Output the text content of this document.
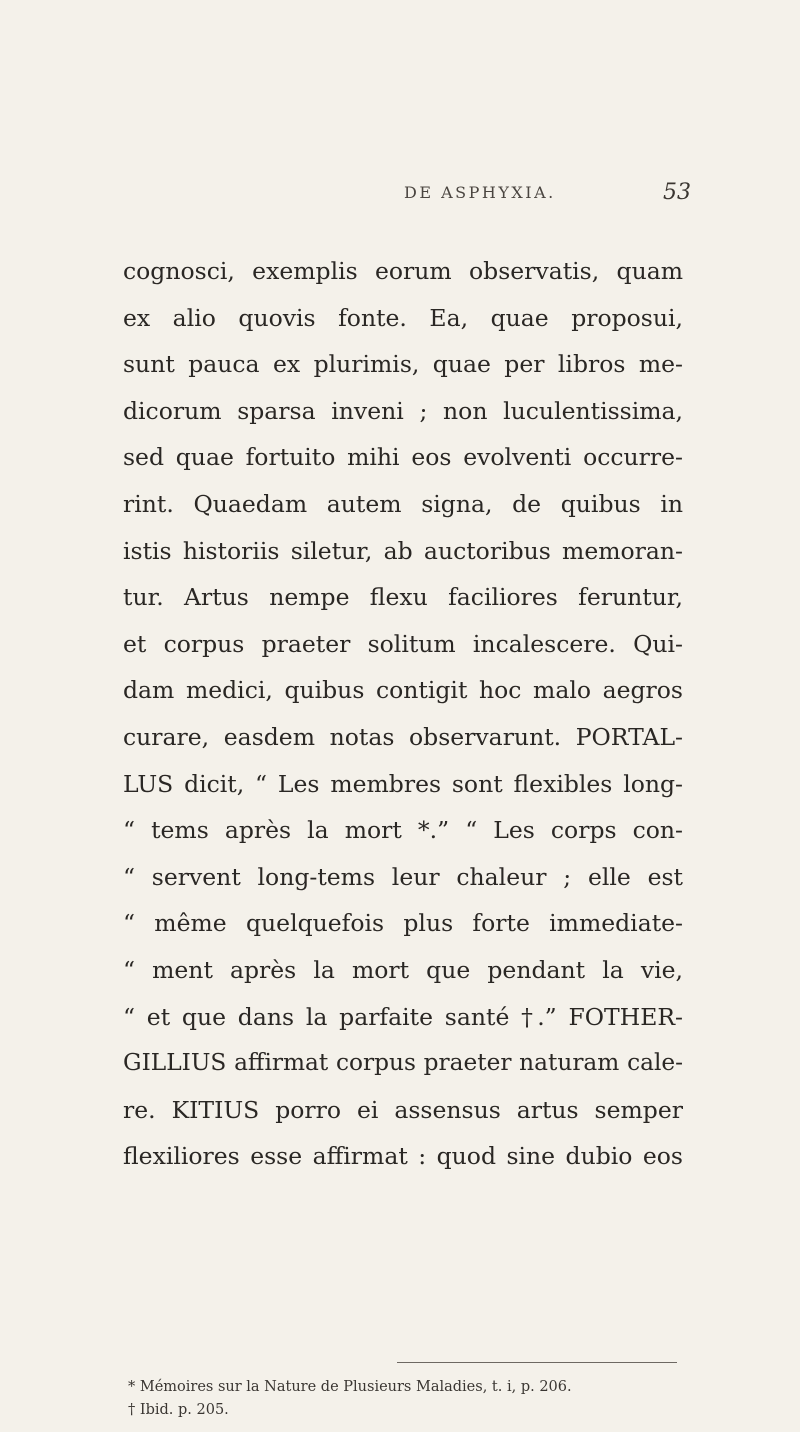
DE ASPHYXIA.	53
cognosci, exemplis eorum observatis, quam
ex alio quovis fonte. Ea, quae proposui,
sunt pauca ex plurimis, quae per libros me-
dicorum sparsa inveni ; non luculentissima,
sed quae fortuito mihi eos evolventi occurre-
rint. Quaedam autem signa, de quibus in
istis historiis siletur, ab auctoribus memoran-
tur. Artus nempe flexu faciliores feruntur,
et corpus praeter solitum incalescere. Qui-
dam medici, quibus contigit hoc malo aegros
curare, easdem notas observarunt. PORTAL-
LUS dicit, “ Les membres sont flexibles long-
“ tems après la mort *.” “ Les corps con-
“ servent long-tems leur chaleur ; elle est
“ même quelquefois plus forte immediate-
“ ment après la mort que pendant la vie,
“ et que dans la parfaite santé †.” FOTHER-
GILLIUS affirmat corpus praeter naturam cale-
re. KITIUS porro ei assensus artus semper
flexiliores esse affirmat : quod sine dubio eos
* Mémoires sur la Nature de Plusieurs Maladies, t. i, p. 206.
† Ibid. p. 205.
